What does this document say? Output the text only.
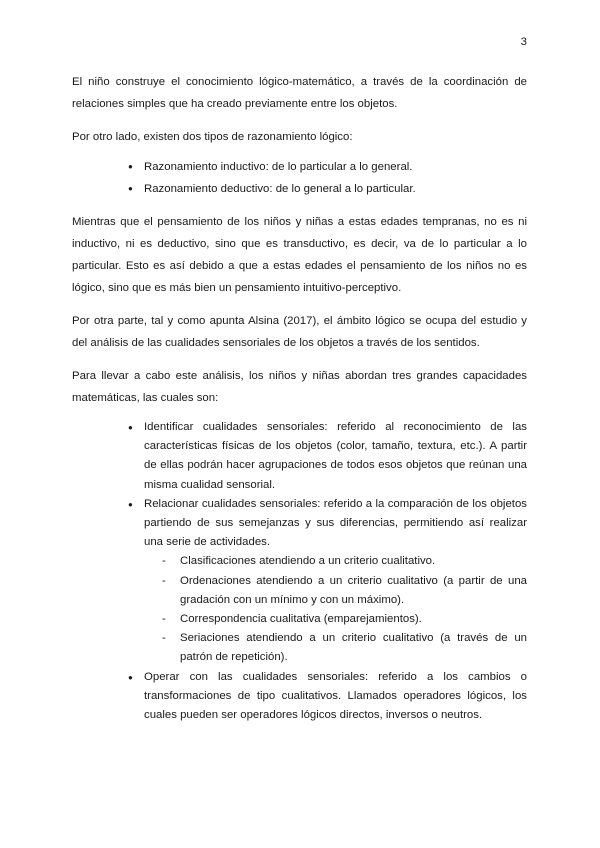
3

El niño construye el conocimiento lógico-matemático, a través de la coordinación de relaciones simples que ha creado previamente entre los objetos.

Por otro lado, existen dos tipos de razonamiento lógico:

● Razonamiento inductivo: de lo particular a lo general.
● Razonamiento deductivo: de lo general a lo particular.

Mientras que el pensamiento de los niños y niñas a estas edades tempranas, no es ni inductivo, ni es deductivo, sino que es transductivo, es decir, va de lo particular a lo particular. Esto es así debido a que a estas edades el pensamiento de los niños no es lógico, sino que es más bien un pensamiento intuitivo-perceptivo.

Por otra parte, tal y como apunta Alsina (2017), el ámbito lógico se ocupa del estudio y del análisis de las cualidades sensoriales de los objetos a través de los sentidos.

Para llevar a cabo este análisis, los niños y niñas abordan tres grandes capacidades matemáticas, las cuales son:

● Identificar cualidades sensoriales: referido al reconocimiento de las características físicas de los objetos (color, tamaño, textura, etc.). A partir de ellas podrán hacer agrupaciones de todos esos objetos que reúnan una misma cualidad sensorial.
● Relacionar cualidades sensoriales: referido a la comparación de los objetos partiendo de sus semejanzas y sus diferencias, permitiendo así realizar una serie de actividades.
- Clasificaciones atendiendo a un criterio cualitativo.
- Ordenaciones atendiendo a un criterio cualitativo (a partir de una gradación con un mínimo y con un máximo).
- Correspondencia cualitativa (emparejamientos).
- Seriaciones atendiendo a un criterio cualitativo (a través de un patrón de repetición).
● Operar con las cualidades sensoriales: referido a los cambios o transformaciones de tipo cualitativos. Llamados operadores lógicos, los cuales pueden ser operadores lógicos directos, inversos o neutros.
